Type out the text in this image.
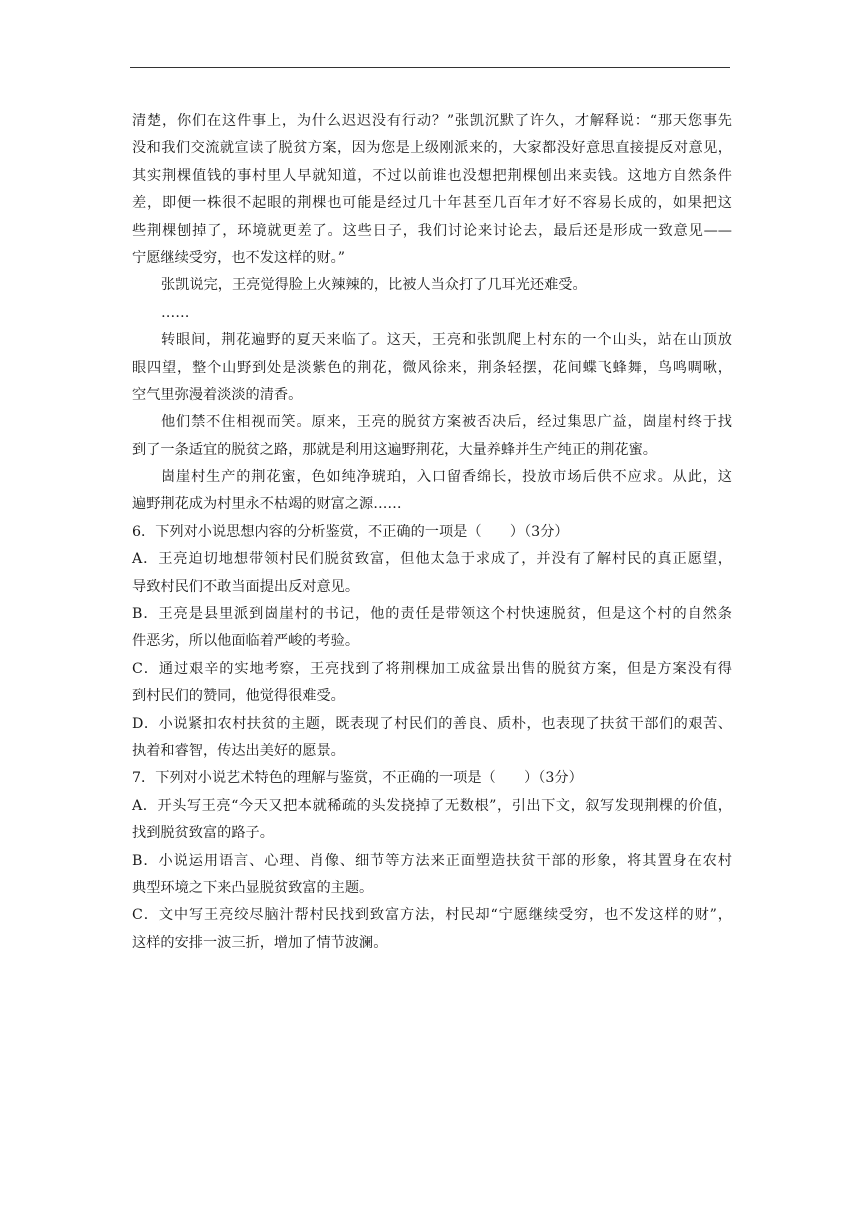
清楚，你们在这件事上，为什么迟迟没有行动？”张凯沉默了许久，才解释说：“那天您事先
没和我们交流就宣读了脱贫方案，因为您是上级刚派来的，大家都没好意思直接提反对意见，
其实荆棵值钱的事村里人早就知道，不过以前谁也没想把荆棵刨出来卖钱。这地方自然条件
差，即便一株很不起眼的荆棵也可能是经过几十年甚至几百年才好不容易长成的，如果把这
些荆棵刨掉了，环境就更差了。这些日子，我们讨论来讨论去，最后还是形成一致意见——
宁愿继续受穷，也不发这样的财。”
张凯说完，王亮觉得脸上火辣辣的，比被人当众打了几耳光还难受。
……
转眼间，荆花遍野的夏天来临了。这天，王亮和张凯爬上村东的一个山头，站在山顶放
眼四望，整个山野到处是淡紫色的荆花，微风徐来，荆条轻摆，花间蝶飞蜂舞，鸟鸣啁啾，
空气里弥漫着淡淡的清香。
他们禁不住相视而笑。原来，王亮的脱贫方案被否决后，经过集思广益，崮崖村终于找
到了一条适宜的脱贫之路，那就是利用这遍野荆花，大量养蜂并生产纯正的荆花蜜。
崮崖村生产的荆花蜜，色如纯净琥珀，入口留香绵长，投放市场后供不应求。从此，这
遍野荆花成为村里永不枯竭的财富之源……
6．下列对小说思想内容的分析鉴赏，不正确的一项是（　　）（3分）
A．王亮迫切地想带领村民们脱贫致富，但他太急于求成了，并没有了解村民的真正愿望，
导致村民们不敢当面提出反对意见。
B．王亮是县里派到崮崖村的书记，他的责任是带领这个村快速脱贫，但是这个村的自然条
件恶劣，所以他面临着严峻的考验。
C．通过艰辛的实地考察，王亮找到了将荆棵加工成盆景出售的脱贫方案，但是方案没有得
到村民们的赞同，他觉得很难受。
D．小说紧扣农村扶贫的主题，既表现了村民们的善良、质朴，也表现了扶贫干部们的艰苦、
执着和睿智，传达出美好的愿景。
7．下列对小说艺术特色的理解与鉴赏，不正确的一项是（　　）（3分）
A．开头写王亮“今天又把本就稀疏的头发挠掉了无数根”，引出下文，叙写发现荆棵的价值，
找到脱贫致富的路子。
B．小说运用语言、心理、肖像、细节等方法来正面塑造扶贫干部的形象，将其置身在农村
典型环境之下来凸显脱贫致富的主题。
C．文中写王亮绞尽脑汁帮村民找到致富方法，村民却“宁愿继续受穷，也不发这样的财”，
这样的安排一波三折，增加了情节波澜。
